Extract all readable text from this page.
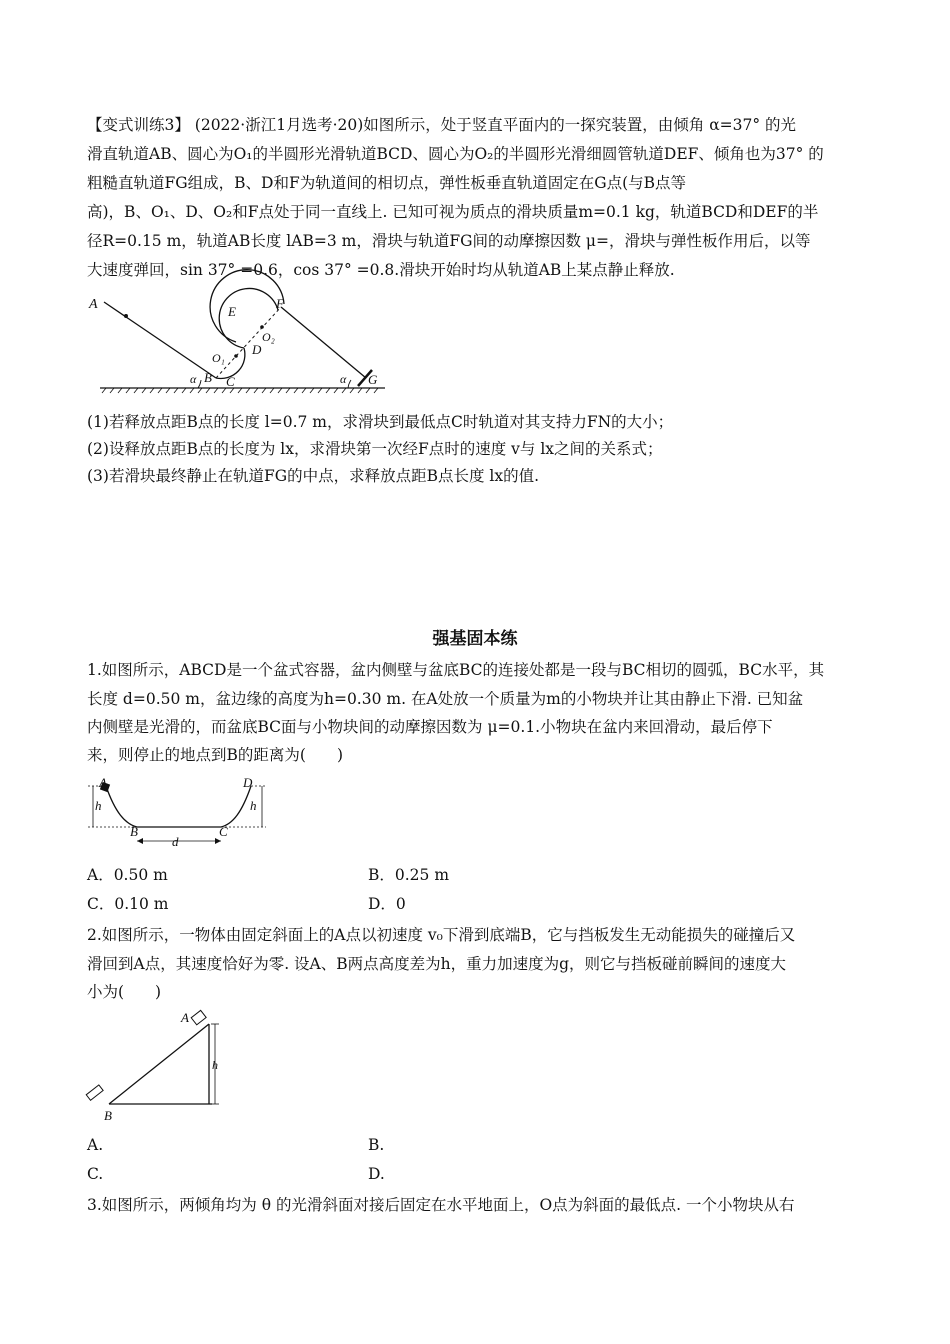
【变式训练3】 (2022·浙江1月选考·20)如图所示，处于竖直平面内的一探究装置，由倾角 α=37° 的光
滑直轨道AB、圆心为O₁的半圆形光滑轨道BCD、圆心为O₂的半圆形光滑细圆管轨道DEF、倾角也为37° 的
粗糙直轨道FG组成，B、D和F为轨道间的相切点，弹性板垂直轨道固定在G点(与B点等
高)，B、O₁、D、O₂和F点处于同一直线上. 已知可视为质点的滑块质量m=0.1 kg，轨道BCD和DEF的半
径R=0.15 m，轨道AB长度 lAB=3 m，滑块与轨道FG间的动摩擦因数 μ=，滑块与弹性板作用后，以等
大速度弹回，sin 37° =0.6，cos 37° =0.8.滑块开始时均从轨道AB上某点静止释放.
A
B C
D
E
F
G
O₁
O₂
α	α
(1)若释放点距B点的长度 l=0.7 m，求滑块到最低点C时轨道对其支持力FN的大小；
(2)设释放点距B点的长度为 lx，求滑块第一次经F点时的速度 v与 lx之间的关系式；
(3)若滑块最终静止在轨道FG的中点，求释放点距B点长度 lx的值.
强基固本练
1.如图所示，ABCD是一个盆式容器，盆内侧壁与盆底BC的连接处都是一段与BC相切的圆弧，BC水平，其
长度 d=0.50 m，盆边缘的高度为h=0.30 m. 在A处放一个质量为m的小物块并让其由静止下滑. 已知盆
内侧壁是光滑的，而盆底BC面与小物块间的动摩擦因数为 μ=0.1.小物块在盆内来回滑动，最后停下
来，则停止的地点到B的距离为(　　)
A
B	C
D
h	h
d
A．0.50 m	B．0.25 m
C．0.10 m	D．0
2.如图所示，一物体由固定斜面上的A点以初速度 v₀下滑到底端B，它与挡板发生无动能损失的碰撞后又
滑回到A点，其速度恰好为零. 设A、B两点高度差为h，重力加速度为g，则它与挡板碰前瞬间的速度大
小为(　　)
A
B
h
A.	B.
C.	D.
3.如图所示，两倾角均为 θ 的光滑斜面对接后固定在水平地面上，O点为斜面的最低点. 一个小物块从右
